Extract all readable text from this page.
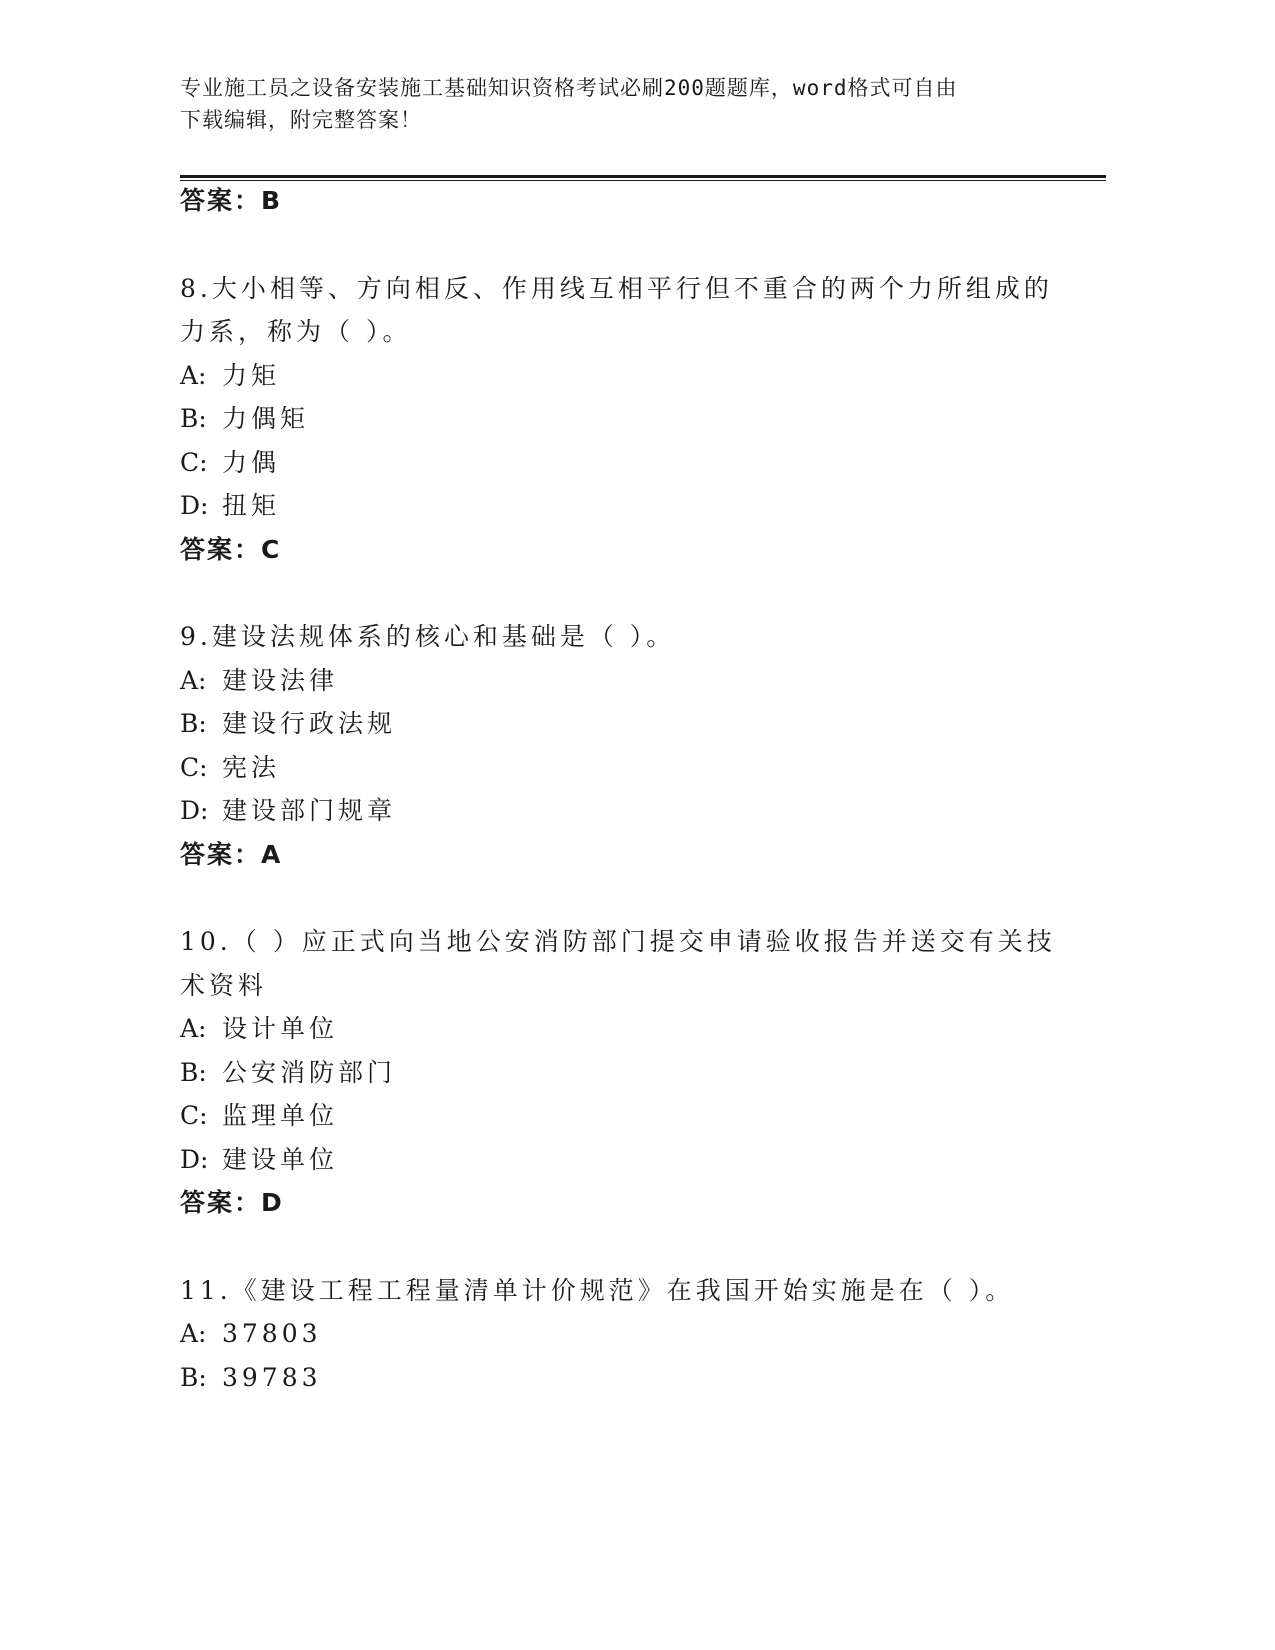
专业施工员之设备安装施工基础知识资格考试必刷200题题库，word格式可自由
下载编辑，附完整答案！
答案：B
8.大小相等、方向相反、作用线互相平行但不重合的两个力所组成的
力系，称为（ ）。
A: 力矩
B: 力偶矩
C: 力偶
D: 扭矩
答案：C
9.建设法规体系的核心和基础是（ ）。
A: 建设法律
B: 建设行政法规
C: 宪法
D: 建设部门规章
答案：A
10.（ ）应正式向当地公安消防部门提交申请验收报告并送交有关技
术资料
A: 设计单位
B: 公安消防部门
C: 监理单位
D: 建设单位
答案：D
11.《建设工程工程量清单计价规范》在我国开始实施是在（ ）。
A: 37803
B: 39783
